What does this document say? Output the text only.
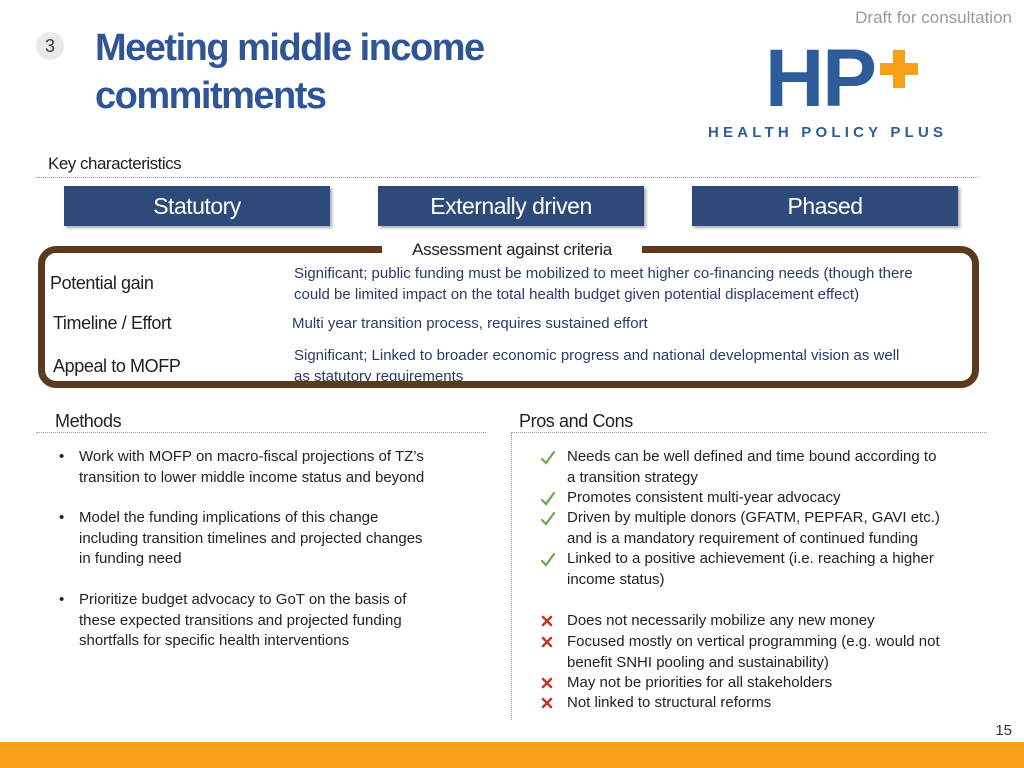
Draft for consultation
3 Meeting middle income
commitments	HP
HEALTH POLICY PLUS
Key characteristics
Statutory	Externally driven	Phased
Assessment against criteria
Potential gain	Significant; public funding must be mobilized to meet higher co-financing needs (though there
could be limited impact on the total health budget given potential displacement effect)
Timeline / Effort	Multi year transition process, requires sustained effort
Appeal to MOFP
Significant; Linked to broader economic progress and national developmental vision as well
as statutory requirements
Methods	Pros and Cons
• Work with MOFP on macro-fiscal projections of TZ’s
transition to lower middle income status and beyond
• Model the funding implications of this change
including transition timelines and projected changes
in funding need
• Prioritize budget advocacy to GoT on the basis of
these expected transitions and projected funding
shortfalls for specific health interventions
Needs can be well defined and time bound according to
a transition strategy
Promotes consistent multi-year advocacy
Driven by multiple donors (GFATM, PEPFAR, GAVI etc.)
and is a mandatory requirement of continued funding
Linked to a positive achievement (i.e. reaching a higher
income status)
Does not necessarily mobilize any new money
Focused mostly on vertical programming (e.g. would not
benefit SNHI pooling and sustainability)
May not be priorities for all stakeholders
Not linked to structural reforms
15
